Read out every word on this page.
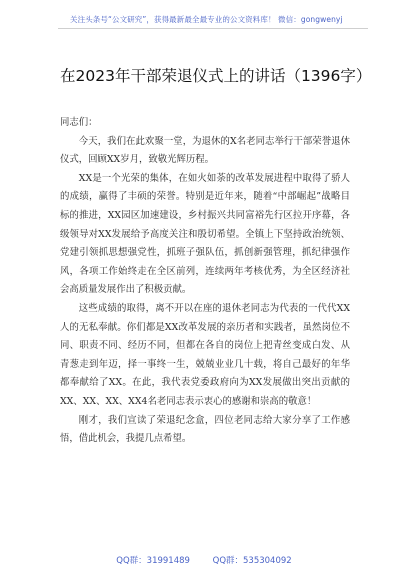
关注头条号“公文研究”，获得最新最全最专业的公文资料库！ 微信：gongwenyj
在2023年干部荣退仪式上的讲话（1396字）

同志们：

今天，我们在此欢聚一堂，为退休的X名老同志举行干部荣誉退休仪式，回顾XX岁月，致敬光辉历程。

XX是一个光荣的集体，在如火如荼的改革发展进程中取得了骄人的成绩，赢得了丰硕的荣誉。特别是近年来，随着“中部崛起”战略目标的推进，XX园区加速建设，乡村振兴共同富裕先行区拉开序幕，各级领导对XX发展给予高度关注和殷切希望。全镇上下坚持政治统领、党建引领抓思想强党性，抓班子强队伍，抓创新强管理，抓纪律强作风，各项工作始终走在全区前列，连续两年考核优秀，为全区经济社会高质量发展作出了积极贡献。

这些成绩的取得，离不开以在座的退休老同志为代表的一代代XX人的无私奉献。你们都是XX改革发展的亲历者和实践者，虽然岗位不同、职责不同、经历不同，但都在各自的岗位上把青丝变成白发、从青葱走到年迈，择一事终一生，兢兢业业几十载，将自己最好的年华都奉献给了XX。在此，我代表党委政府向为XX发展做出突出贡献的XX、XX、XX、XX4名老同志表示衷心的感谢和崇高的敬意！

刚才，我们宣读了荣退纪念盒，四位老同志给大家分享了工作感悟，借此机会，我提几点希望。

QQ群：31991489	QQ群：535304092
